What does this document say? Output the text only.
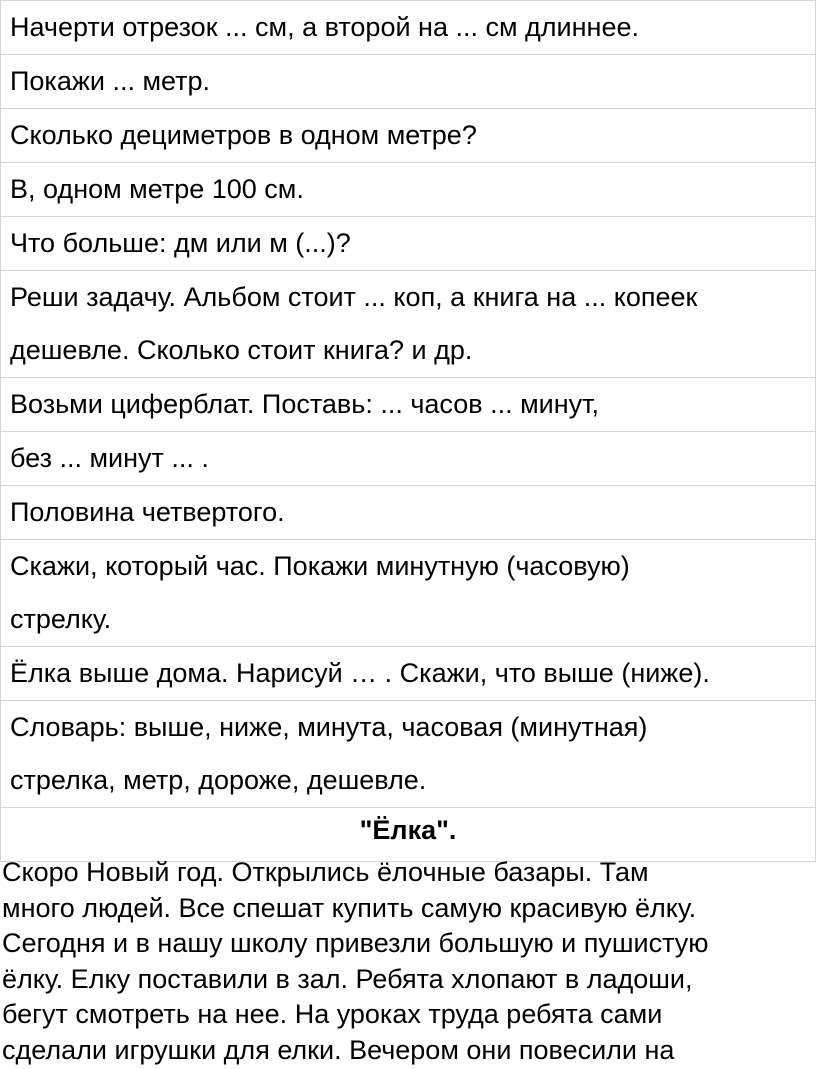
Начерти отрезок ... см, а второй на ... см длиннее.
Покажи ... метр.
Сколько дециметров в одном метре?
В, одном метре 100 см.
Что больше: дм или м (...)?
Реши задачу. Альбом стоит ... коп, а книга на ... копеек
дешевле. Сколько стоит книга? и др.
Возьми циферблат. Поставь: ... часов ... минут,
без ... минут ... .
Половина четвертого.
Скажи, который час. Покажи минутную (часовую)
стрелку.
Ёлка выше дома. Нарисуй … . Скажи, что выше (ниже).
Словарь: выше, ниже, минута, часовая (минутная)
стрелка, метр, дороже, дешевле.
"Ёлка".
Скоро Новый год. Открылись ёлочные базары. Там
много людей. Все спешат купить самую красивую ёлку.
Сегодня и в нашу школу привезли большую и пушистую
ёлку. Елку поставили в зал. Ребята хлопают в ладоши,
бегут смотреть на нее. На уроках труда ребята сами
сделали игрушки для елки. Вечером они повесили на
